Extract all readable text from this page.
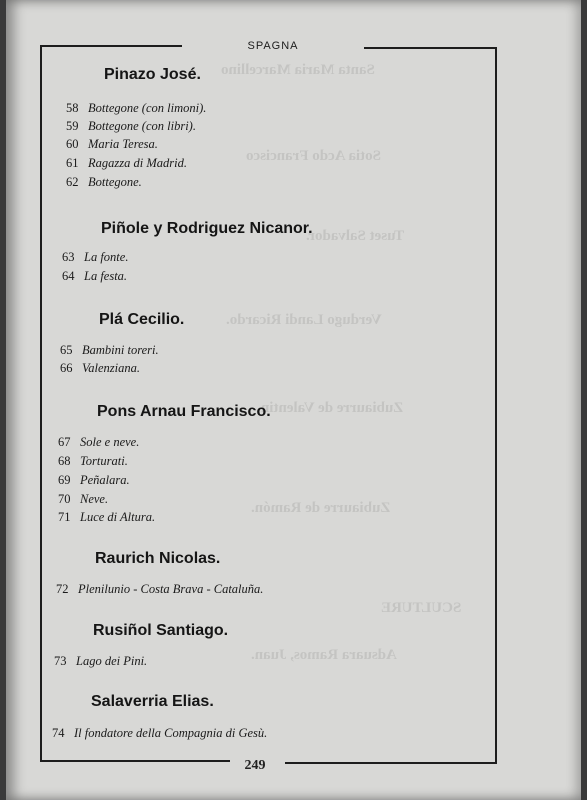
Santa Maria Marcellino
Sotia Acdo Francisco
Tuset Salvador.
Verdugo Landi Ricardo.
Zubiaurre de Valentin
Zubiaurre de Ramón.
SCULTURE
Adsuara Ramos, Juan.
SPAGNA
249
Pinazo José.
58 Bottegone (con limoni).
59 Bottegone (con libri).
60 Maria Teresa.
61 Ragazza di Madrid.
62 Bottegone.
Piñole y Rodriguez Nicanor.
63 La fonte.
64 La festa.
Plá Cecilio.
65 Bambini toreri.
66 Valenziana.
Pons Arnau Francisco.
67 Sole e neve.
68 Torturati.
69 Peñalara.
70 Neve.
71 Luce di Altura.
Raurich Nicolas.
72 Plenilunio - Costa Brava - Cataluña.
Rusiñol Santiago.
73 Lago dei Pini.
Salaverria Elias.
74 Il fondatore della Compagnia di Gesù.
